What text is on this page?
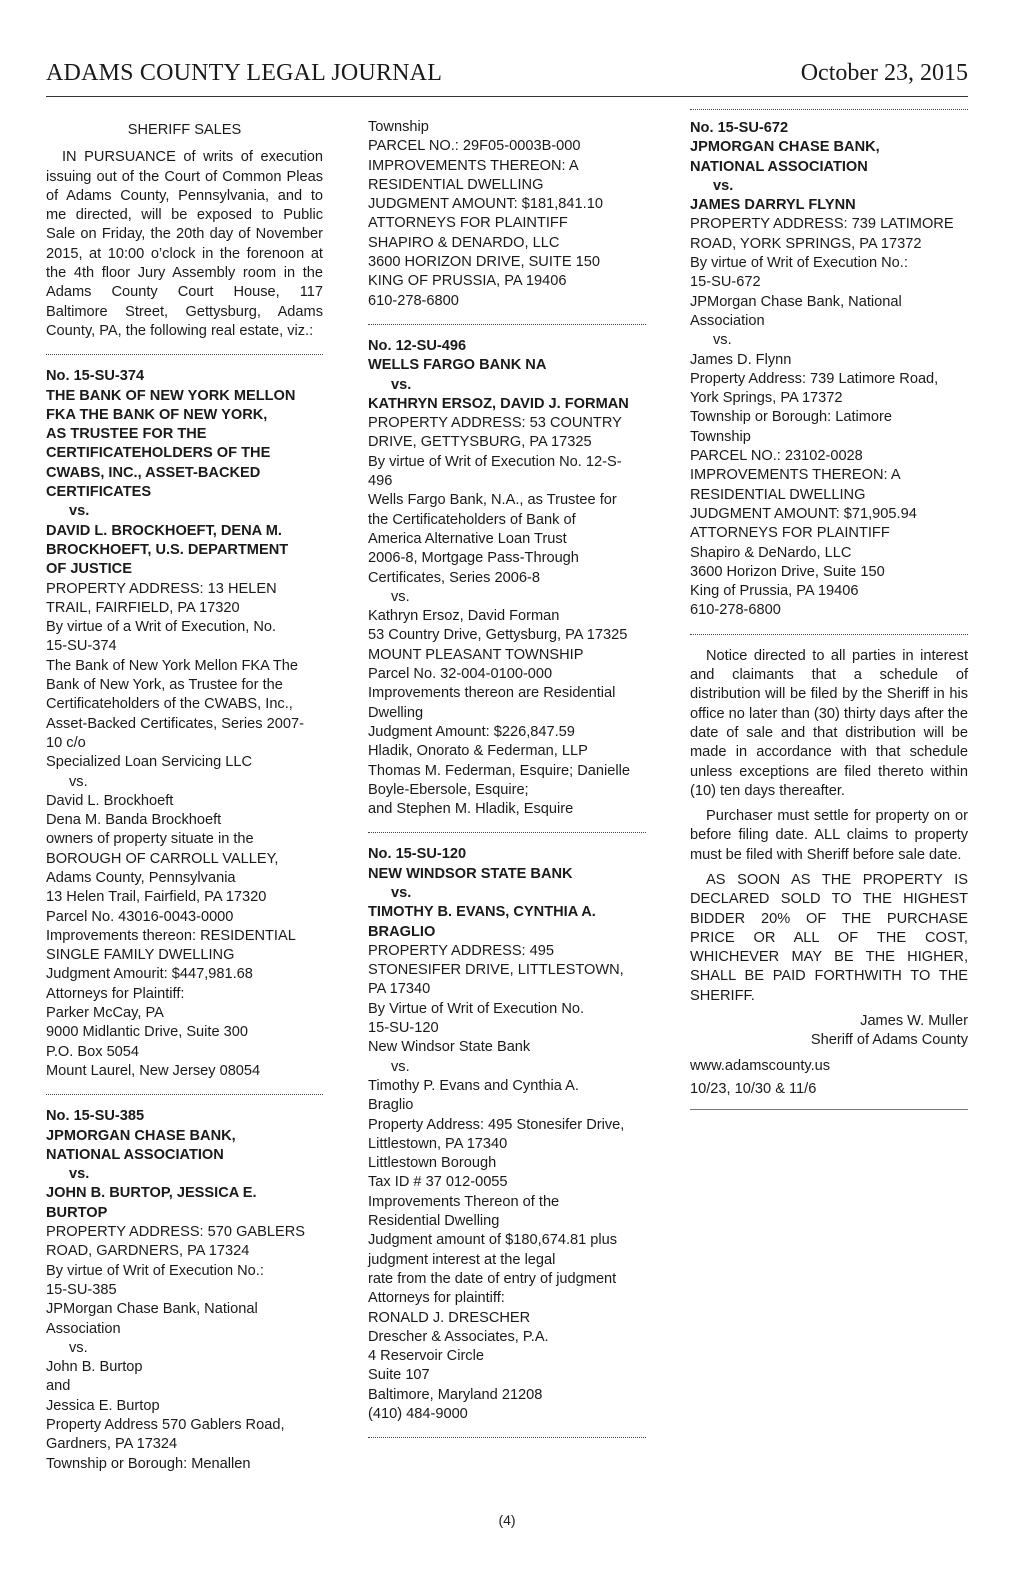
ADAMS COUNTY LEGAL JOURNAL	October 23, 2015
SHERIFF SALES

IN PURSUANCE of writs of execution issuing out of the Court of Common Pleas of Adams County, Pennsylvania, and to me directed, will be exposed to Public Sale on Friday, the 20th day of November 2015, at 10:00 o’clock in the forenoon at the 4th floor Jury Assembly room in the Adams County Court House, 117 Baltimore Street, Gettysburg, Adams County, PA, the following real estate, viz.:

No. 15-SU-374
THE BANK OF NEW YORK MELLON
FKA THE BANK OF NEW YORK,
AS TRUSTEE FOR THE
CERTIFICATEHOLDERS OF THE
CWABS, INC., ASSET-BACKED
CERTIFICATES
vs.
DAVID L. BROCKHOEFT, DENA M.
BROCKHOEFT, U.S. DEPARTMENT
OF JUSTICE
PROPERTY ADDRESS: 13 HELEN
TRAIL, FAIRFIELD, PA 17320
By virtue of a Writ of Execution, No.
15-SU-374
The Bank of New York Mellon FKA The
Bank of New York, as Trustee for the
Certificateholders of the CWABS, Inc.,
Asset-Backed Certificates, Series 2007-
10 c/o
Specialized Loan Servicing LLC
vs.
David L. Brockhoeft
Dena M. Banda Brockhoeft
owners of property situate in the
BOROUGH OF CARROLL VALLEY,
Adams County, Pennsylvania
13 Helen Trail, Fairfield, PA 17320
Parcel No. 43016-0043-0000
Improvements thereon: RESIDENTIAL
SINGLE FAMILY DWELLING
Judgment Amourit: $447,981.68
Attorneys for Plaintiff:
Parker McCay, PA
9000 Midlantic Drive, Suite 300
P.O. Box 5054
Mount Laurel, New Jersey 08054
No. 15-SU-385
JPMORGAN CHASE BANK,
NATIONAL ASSOCIATION
vs.
JOHN B. BURTOP, JESSICA E.
BURTOP
PROPERTY ADDRESS: 570 GABLERS
ROAD, GARDNERS, PA 17324
By virtue of Writ of Execution No.:
15-SU-385
JPMorgan Chase Bank, National
Association
vs.
John B. Burtop
and
Jessica E. Burtop
Property Address 570 Gablers Road,
Gardners, PA 17324
Township or Borough: Menallen
Township
PARCEL NO.: 29F05-0003B-000
IMPROVEMENTS THEREON: A
RESIDENTIAL DWELLING
JUDGMENT AMOUNT: $181,841.10
ATTORNEYS FOR PLAINTIFF
SHAPIRO & DENARDO, LLC
3600 HORIZON DRIVE, SUITE 150
KING OF PRUSSIA, PA 19406
610-278-6800
No. 12-SU-496
WELLS FARGO BANK NA
vs.
KATHRYN ERSOZ, DAVID J. FORMAN
PROPERTY ADDRESS: 53 COUNTRY
DRIVE, GETTYSBURG, PA 17325
By virtue of Writ of Execution No. 12-S-
496
Wells Fargo Bank, N.A., as Trustee for
the Certificateholders of Bank of
America Alternative Loan Trust
2006-8, Mortgage Pass-Through
Certificates, Series 2006-8
vs.
Kathryn Ersoz, David Forman
53 Country Drive, Gettysburg, PA 17325
MOUNT PLEASANT TOWNSHIP
Parcel No. 32-004-0100-000
Improvements thereon are Residential
Dwelling
Judgment Amount: $226,847.59
Hladik, Onorato & Federman, LLP
Thomas M. Federman, Esquire; Danielle
Boyle-Ebersole, Esquire;
and Stephen M. Hladik, Esquire
No. 15-SU-120
NEW WINDSOR STATE BANK
vs.
TIMOTHY B. EVANS, CYNTHIA A.
BRAGLIO
PROPERTY ADDRESS: 495
STONESIFER DRIVE, LITTLESTOWN,
PA 17340
By Virtue of Writ of Execution No.
15-SU-120
New Windsor State Bank
vs.
Timothy P. Evans and Cynthia A.
Braglio
Property Address: 495 Stonesifer Drive,
Littlestown, PA 17340
Littlestown Borough
Tax ID # 37 012-0055
Improvements Thereon of the
Residential Dwelling
Judgment amount of $180,674.81 plus
judgment interest at the legal
rate from the date of entry of judgment
Attorneys for plaintiff:
RONALD J. DRESCHER
Drescher & Associates, P.A.
4 Reservoir Circle
Suite 107
Baltimore, Maryland 21208
(410) 484-9000
No. 15-SU-672
JPMORGAN CHASE BANK,
NATIONAL ASSOCIATION
vs.
JAMES DARRYL FLYNN
PROPERTY ADDRESS: 739 LATIMORE
ROAD, YORK SPRINGS, PA 17372
By virtue of Writ of Execution No.:
15-SU-672
JPMorgan Chase Bank, National
Association
vs.
James D. Flynn
Property Address: 739 Latimore Road,
York Springs, PA 17372
Township or Borough: Latimore
Township
PARCEL NO.: 23102-0028
IMPROVEMENTS THEREON: A
RESIDENTIAL DWELLING
JUDGMENT AMOUNT: $71,905.94
ATTORNEYS FOR PLAINTIFF
Shapiro & DeNardo, LLC
3600 Horizon Drive, Suite 150
King of Prussia, PA 19406
610-278-6800

Notice directed to all parties in interest and claimants that a schedule of distribution will be filed by the Sheriff in his office no later than (30) thirty days after the date of sale and that distribution will be made in accordance with that schedule unless exceptions are filed thereto within (10) ten days thereafter.

Purchaser must settle for property on or before filing date. ALL claims to property must be filed with Sheriff before sale date.

AS SOON AS THE PROPERTY IS DECLARED SOLD TO THE HIGHEST BIDDER 20% OF THE PURCHASE PRICE OR ALL OF THE COST, WHICHEVER MAY BE THE HIGHER, SHALL BE PAID FORTHWITH TO THE SHERIFF.

James W. Muller
Sheriff of Adams County
www.adamscounty.us
10/23, 10/30 & 11/6
(4)
